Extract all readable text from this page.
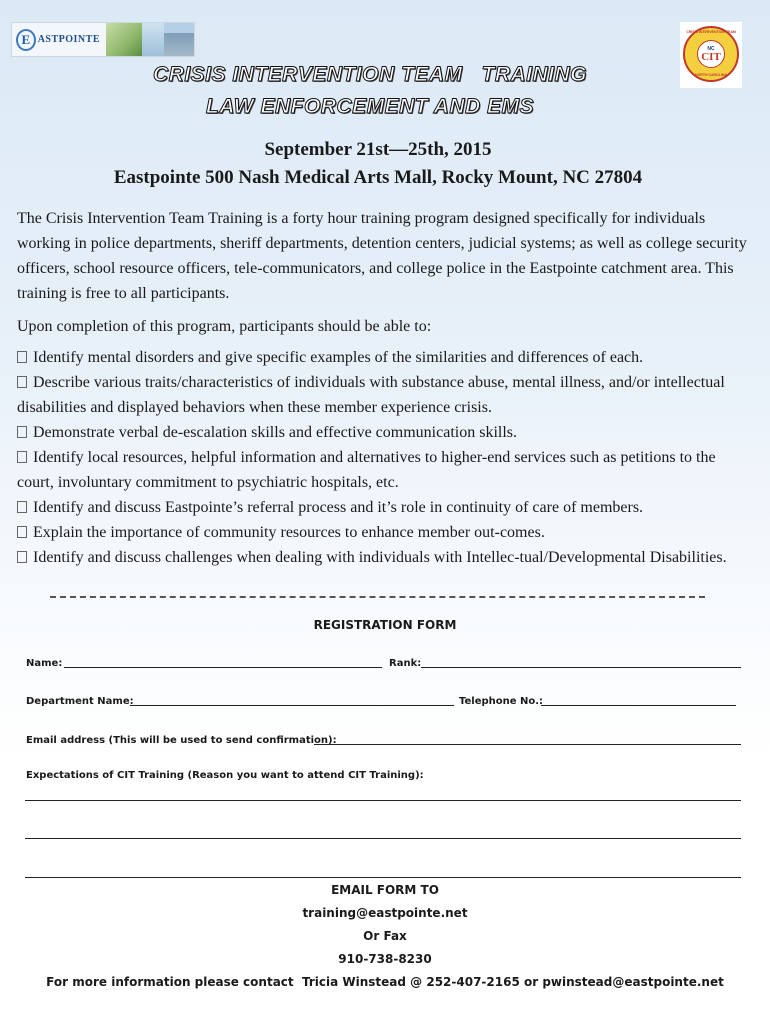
E ASTPOINTE
CRISIS INTERVENTION TEAM
NC
CIT
NORTH CAROLINA
CRISIS INTERVENTION TEAM   TRAINING
LAW ENFORCEMENT AND EMS

September 21st—25th, 2015

Eastpointe 500 Nash Medical Arts Mall, Rocky Mount, NC 27804

The Crisis Intervention Team Training is a forty hour training program designed specifically for individuals working in police departments, sheriff departments, detention centers, judicial systems; as well as college security officers, school resource officers, tele-communicators, and college police in the Eastpointe catchment area. This training is free to all participants.

Upon completion of this program, participants should be able to:

Identify mental disorders and give specific examples of the similarities and differences of each.

Describe various traits/characteristics of individuals with substance abuse, mental illness, and/or intellectual disabilities and displayed behaviors when these member experience crisis.

Demonstrate verbal de-escalation skills and effective communication skills.

Identify local resources, helpful information and alternatives to higher-end services such as petitions to the court, involuntary commitment to psychiatric hospitals, etc.

Identify and discuss Eastpointe’s referral process and it’s role in continuity of care of members.

Explain the importance of community resources to enhance member out-comes.

Identify and discuss challenges when dealing with individuals with Intellec-tual/Developmental Disabilities.

REGISTRATION FORM

Name:	Rank:
Department Name:	Telephone No.:
Email address (This will be used to send confirmation):
Expectations of CIT Training (Reason you want to attend CIT Training):

EMAIL FORM TO

training@eastpointe.net

Or Fax

910-738-8230

For more information please contact  Tricia Winstead @ 252-407-2165 or pwinstead@eastpointe.net
